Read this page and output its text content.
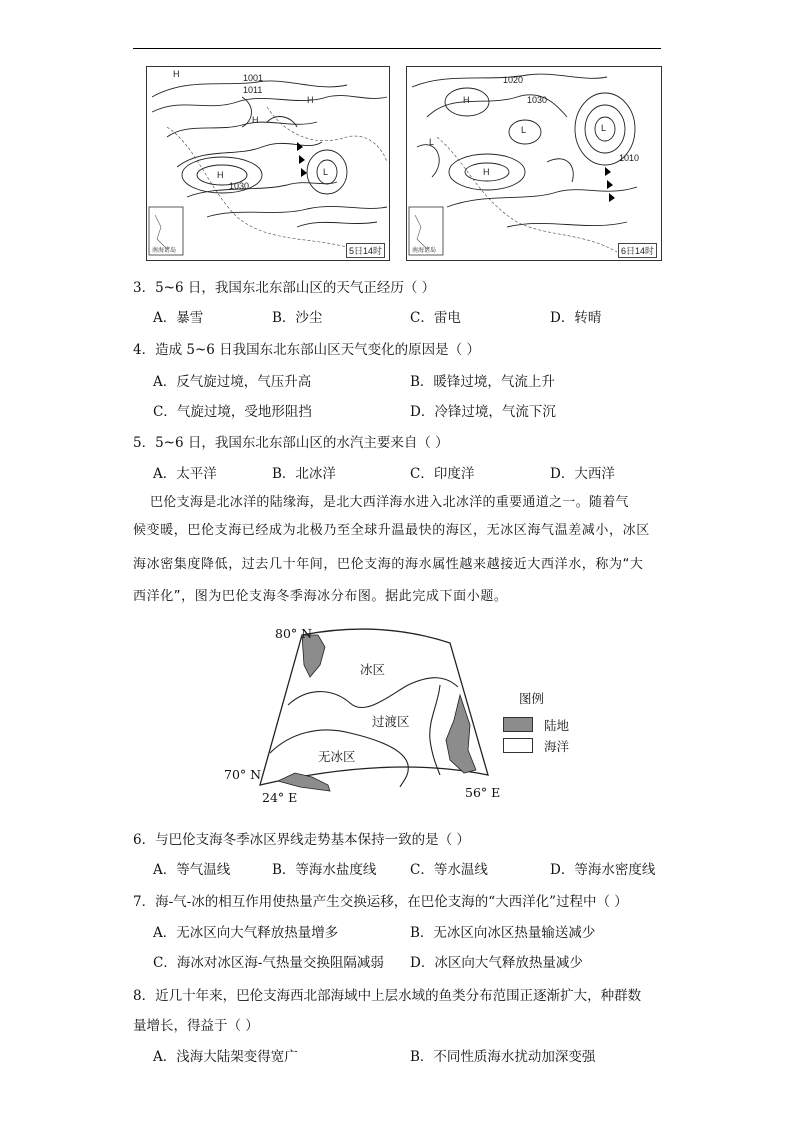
H	1001
1011
H
H
H	L
1030
南海诸岛	5日14时
1020
H
L
L
L
1030
H
1010
南海诸岛	6日14时
3．5~6 日，我国东北东部山区的天气正经历（ ）
A．暴雪	B．沙尘	C．雷电	D．转晴
4．造成 5~6 日我国东北东部山区天气变化的原因是（ ）
A．反气旋过境，气压升高	B．暖锋过境，气流上升
C．气旋过境，受地形阻挡	D．冷锋过境，气流下沉
5．5~6 日，我国东北东部山区的水汽主要来自（ ）
A．太平洋	B．北冰洋	C．印度洋	D．大西洋
巴伦支海是北冰洋的陆缘海，是北大西洋海水进入北冰洋的重要通道之一。随着气
候变暖，巴伦支海已经成为北极乃至全球升温最快的海区，无冰区海气温差减小，冰区
海冰密集度降低，过去几十年间，巴伦支海的海水属性越来越接近大西洋水，称为“大
西洋化”，图为巴伦支海冬季海冰分布图。据此完成下面小题。
80° N
70° N
24° E	56° E
冰区
过渡区
无冰区
图例
陆地
海洋
6．与巴伦支海冬季冰区界线走势基本保持一致的是（ ）
A．等气温线	B．等海水盐度线 C．等水温线	D．等海水密度线
7．海-气-冰的相互作用使热量产生交换运移，在巴伦支海的“大西洋化”过程中（ ）
A．无冰区向大气释放热量增多	B．无冰区向冰区热量输送减少
C．海冰对冰区海-气热量交换阻隔减弱 D．冰区向大气释放热量减少
8．近几十年来，巴伦支海西北部海域中上层水域的鱼类分布范围正逐渐扩大，种群数
量增长，得益于（ ）
A．浅海大陆架变得宽广	B．不同性质海水扰动加深变强
